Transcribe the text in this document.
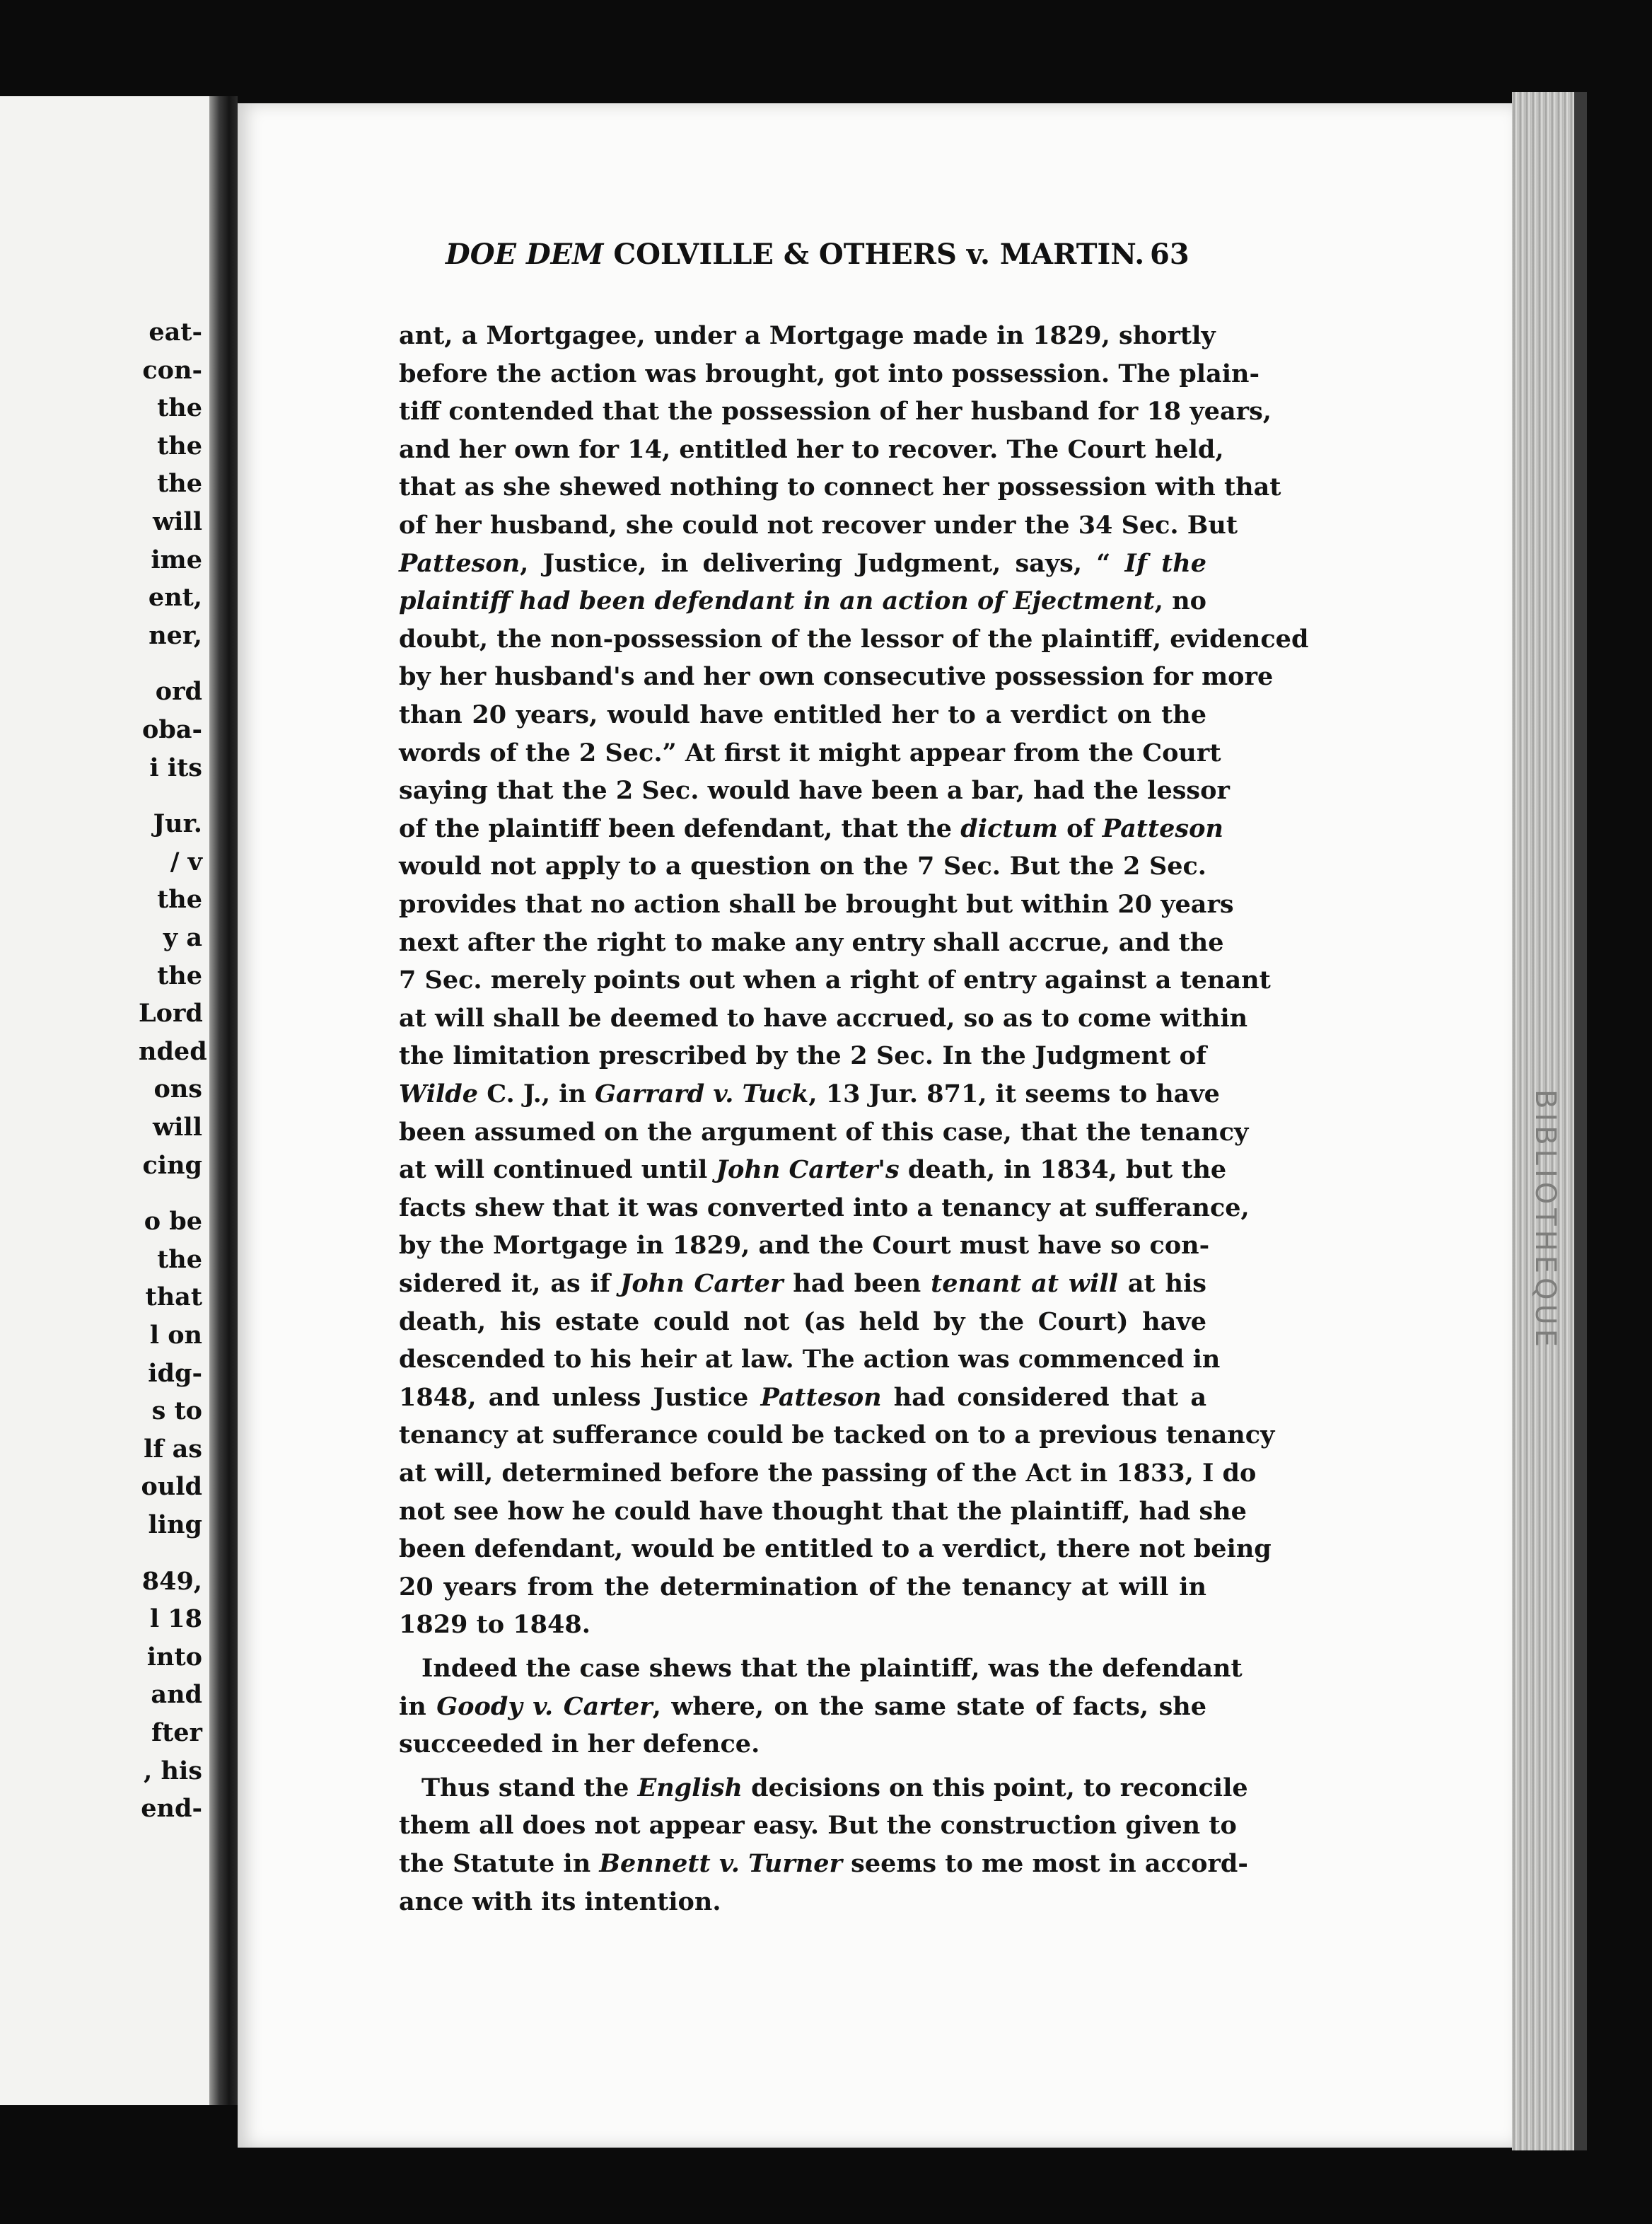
BIBLIOTHEQUE
DOE DEM COLVILLE & OTHERS v. MARTIN. 63
ant, a Mortgagee, under a Mortgage made in 1829, shortly
before the action was brought, got into possession. The plain-
tiff contended that the possession of her husband for 18 years,
and her own for 14, entitled her to recover. The Court held,
that as she shewed nothing to connect her possession with that
of her husband, she could not recover under the 34 Sec. But
Patteson, Justice, in delivering Judgment, says, “ If the
plaintiff had been defendant in an action of Ejectment, no
doubt, the non-possession of the lessor of the plaintiff, evidenced
by her husband's and her own consecutive possession for more
than 20 years, would have entitled her to a verdict on the
words of the 2 Sec.” At first it might appear from the Court
saying that the 2 Sec. would have been a bar, had the lessor
of the plaintiff been defendant, that the dictum of Patteson
would not apply to a question on the 7 Sec. But the 2 Sec.
provides that no action shall be brought but within 20 years
next after the right to make any entry shall accrue, and the
7 Sec. merely points out when a right of entry against a tenant
at will shall be deemed to have accrued, so as to come within
the limitation prescribed by the 2 Sec. In the Judgment of
Wilde C. J., in Garrard v. Tuck, 13 Jur. 871, it seems to have
been assumed on the argument of this case, that the tenancy
at will continued until John Carter's death, in 1834, but the
facts shew that it was converted into a tenancy at sufferance,
by the Mortgage in 1829, and the Court must have so con-
sidered it, as if John Carter had been tenant at will at his
death, his estate could not (as held by the Court) have
descended to his heir at law. The action was commenced in
1848, and unless Justice Patteson had considered that a
tenancy at sufferance could be tacked on to a previous tenancy
at will, determined before the passing of the Act in 1833, I do
not see how he could have thought that the plaintiff, had she
been defendant, would be entitled to a verdict, there not being
20 years from the determination of the tenancy at will in
1829 to 1848.
Indeed the case shews that the plaintiff, was the defendant
in Goody v. Carter, where, on the same state of facts, she
succeeded in her defence.
Thus stand the English decisions on this point, to reconcile
them all does not appear easy. But the construction given to
the Statute in Bennett v. Turner seems to me most in accord-
ance with its intention.
eat-
con-
the
the
the
will
ime
ent,
ner,
ord
oba-
i its
Jur.
/ v
the
y a
the
Lord
nded
ons
will
cing
o be
the
that
l on
idg-
s to
lf as
ould
ling
849,
l 18
into
and
fter
, his
end-
